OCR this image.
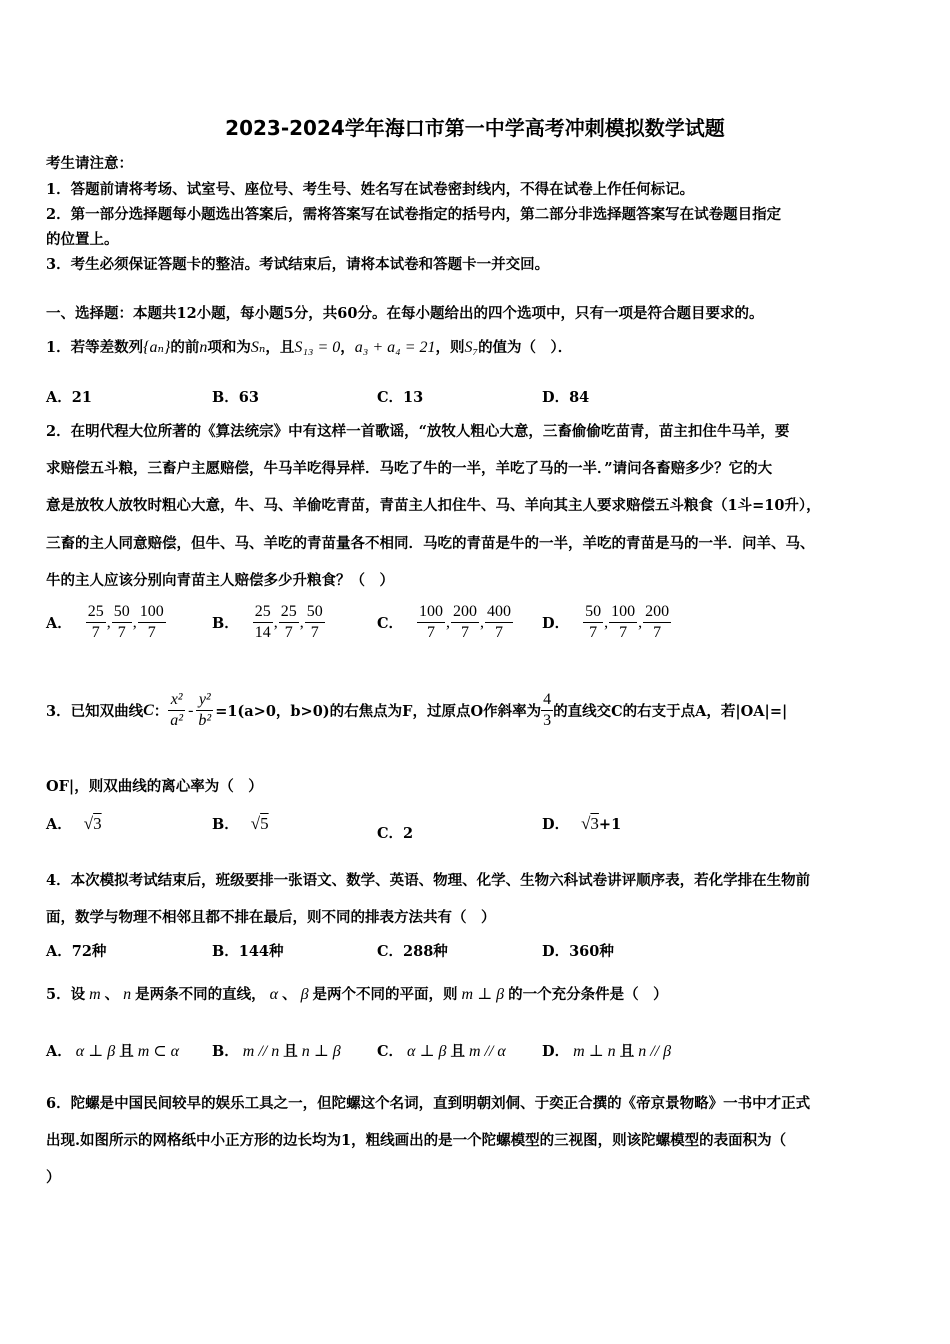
2023-2024学年海口市第一中学高考冲刺模拟数学试题
考生请注意：
1．答题前请将考场、试室号、座位号、考生号、姓名写在试卷密封线内，不得在试卷上作任何标记。
2．第一部分选择题每小题选出答案后，需将答案写在试卷指定的括号内，第二部分非选择题答案写在试卷题目指定
的位置上。
3．考生必须保证答题卡的整洁。考试结束后，请将本试卷和答题卡一并交回。
一、选择题：本题共12小题，每小题5分，共60分。在每小题给出的四个选项中，只有一项是符合题目要求的。
1．若等差数列{aₙ}的前n项和为Sₙ，且S₁₃ = 0，a₃ + a₄ = 21，则S₇的值为（　）．
A．21	B．63	C．13	D．84
2．在明代程大位所著的《算法统宗》中有这样一首歌谣，“放牧人粗心大意，三畜偷偷吃苗青，苗主扣住牛马羊，要
求赔偿五斗粮，三畜户主愿赔偿，牛马羊吃得异样．马吃了牛的一半，羊吃了马的一半．”请问各畜赔多少？它的大
意是放牧人放牧时粗心大意，牛、马、羊偷吃青苗，青苗主人扣住牛、马、羊向其主人要求赔偿五斗粮食（1斗=10升），
三畜的主人同意赔偿，但牛、马、羊吃的青苗量各不相同．马吃的青苗是牛的一半，羊吃的青苗是马的一半．问羊、马、
牛的主人应该分别向青苗主人赔偿多少升粮食？（　）
A． $\frac{25}{7}$ , $\frac{50}{7}$ , $\frac{100}{7}$	B． $\frac{25}{14}$ , $\frac{25}{7}$ , $\frac{50}{7}$	C． $\frac{100}{7}$ , $\frac{200}{7}$ , $\frac{400}{7}$ D． $\frac{50}{7}$ , $\frac{100}{7}$ , $\frac{200}{7}$
3．已知双曲线 C ： $\frac{\text{x²}}{\text{a²}} - \frac{\text{y²}}{\text{b²}} =1(a>0$，b>0)的右焦点为F，过原点O作斜率为 $\frac{4}{3}$ 的直线交C的右支于点A，若|OA|=|
OF|，则双曲线的离心率为（　）
A． √3	B． √5
C．2
D． √3+1
4．本次模拟考试结束后，班级要排一张语文、数学、英语、物理、化学、生物六科试卷讲评顺序表，若化学排在生物前
面，数学与物理不相邻且都不排在最后，则不同的排表方法共有（　）
A．72种	B．144种	C．288种	D．360种
5．设 m 、 n 是两条不同的直线， α 、 β 是两个不同的平面，则 m ⊥ β 的一个充分条件是（　）
A． α ⊥ β 且 m ⊂ α B． m // n 且 n ⊥ β	C． α ⊥ β 且 m // α D． m ⊥ n 且 n // β
6．陀螺是中国民间较早的娱乐工具之一，但陀螺这个名词，直到明朝刘侗、于奕正合撰的《帝京景物略》一书中才正式
出现.如图所示的网格纸中小正方形的边长均为1，粗线画出的是一个陀螺模型的三视图，则该陀螺模型的表面积为（
）
